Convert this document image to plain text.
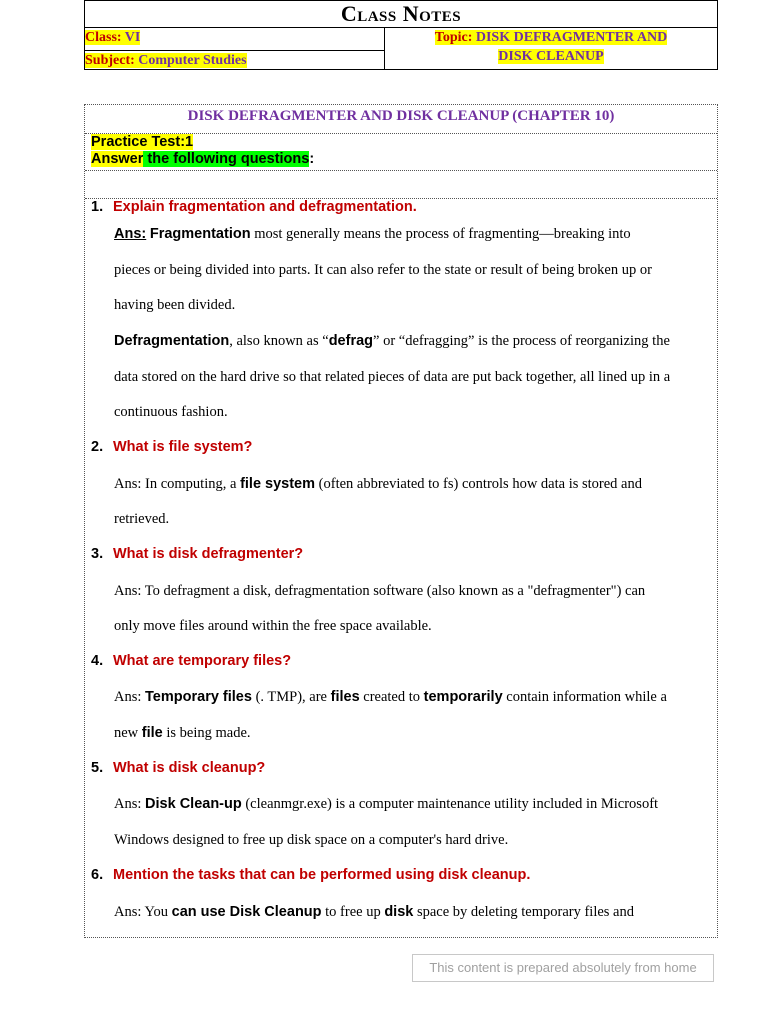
Class Notes
Class: VI
Subject: Computer Studies
Topic: DISK DEFRAGMENTER AND
DISK CLEANUP
DISK DEFRAGMENTER AND DISK CLEANUP (CHAPTER 10)
Practice Test:1
Answer the following questions:
1. Explain fragmentation and defragmentation.
Ans: Fragmentation most generally means the process of fragmenting—breaking into
pieces or being divided into parts. It can also refer to the state or result of being broken up or
having been divided.
Defragmentation, also known as “defrag” or “defragging” is the process of reorganizing the
data stored on the hard drive so that related pieces of data are put back together, all lined up in a
continuous fashion.
2. What is file system?
Ans: In computing, a file system (often abbreviated to fs) controls how data is stored and
retrieved.
3. What is disk defragmenter?
Ans: To defragment a disk, defragmentation software (also known as a "defragmenter") can
only move files around within the free space available.
4. What are temporary files?
Ans: Temporary files (. TMP), are files created to temporarily contain information while a
new file is being made.
5. What is disk cleanup?
Ans: Disk Clean-up (cleanmgr.exe) is a computer maintenance utility included in Microsoft
Windows designed to free up disk space on a computer's hard drive.
6. Mention the tasks that can be performed using disk cleanup.
Ans: You can use Disk Cleanup to free up disk space by deleting temporary files and
This content is prepared absolutely from home
